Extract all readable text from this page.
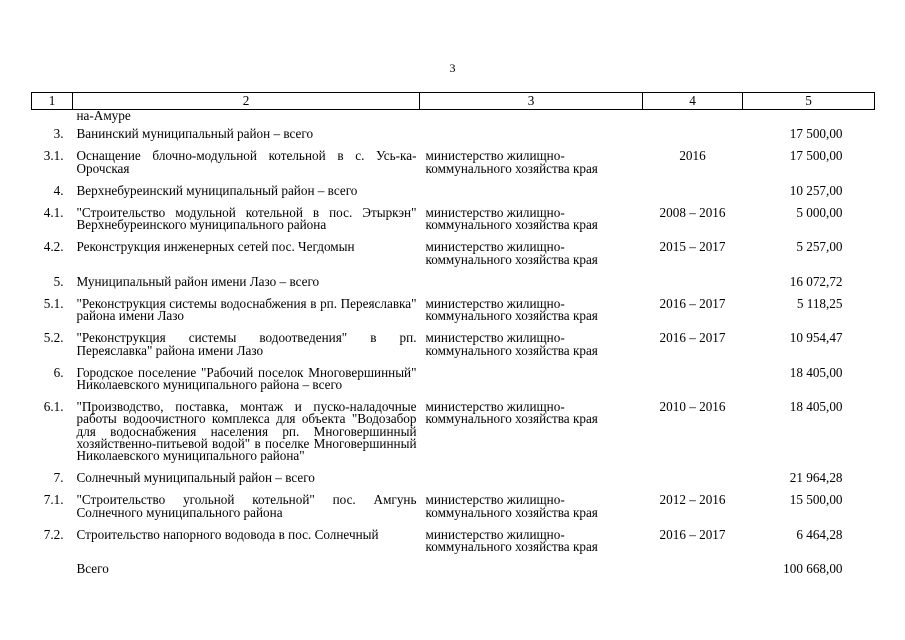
3
1	2	3	4	5
	на-Амуре			
3.	Ванинский муниципальный район – всего			17 500,00
3.1.	Оснащение блочно-модульной котельной в с. Усь-ка-Орочская	министерство жилищно-коммунального хозяйства края	2016	17 500,00
4.	Верхнебуреинский муниципальный район – всего			10 257,00
4.1.	"Строительство модульной котельной в пос. Этыркэн" Верхнебуреинского муниципального района	министерство жилищно-коммунального хозяйства края	2008 – 2016	5 000,00
4.2.	Реконструкция инженерных сетей пос. Чегдомын	министерство жилищно-коммунального хозяйства края	2015 – 2017	5 257,00
5.	Муниципальный район имени Лазо – всего			16 072,72
5.1.	"Реконструкция системы водоснабжения в рп. Переяславка" района имени Лазо	министерство жилищно-коммунального хозяйства края	2016 – 2017	5 118,25
5.2.	"Реконструкция системы водоотведения" в рп. Переяславка" района имени Лазо	министерство жилищно-коммунального хозяйства края	2016 – 2017	10 954,47
6.	Городское поселение "Рабочий поселок Многовершинный" Николаевского муниципального района – всего			18 405,00
6.1.	"Производство, поставка, монтаж и пуско-наладочные работы водоочистного комплекса для объекта "Водозабор для водоснабжения населения рп. Многовершинный хозяйственно-питьевой водой" в поселке Многовершинный Николаевского муниципального района"	министерство жилищно-коммунального хозяйства края	2010 – 2016	18 405,00
7.	Солнечный муниципальный район – всего			21 964,28
7.1.	"Строительство угольной котельной" пос. Амгунь Солнечного муниципального района	министерство жилищно-коммунального хозяйства края	2012 – 2016	15 500,00
7.2.	Строительство напорного водовода в пос. Солнечный	министерство жилищно-коммунального хозяйства края	2016 – 2017	6 464,28
	Всего			100 668,00
